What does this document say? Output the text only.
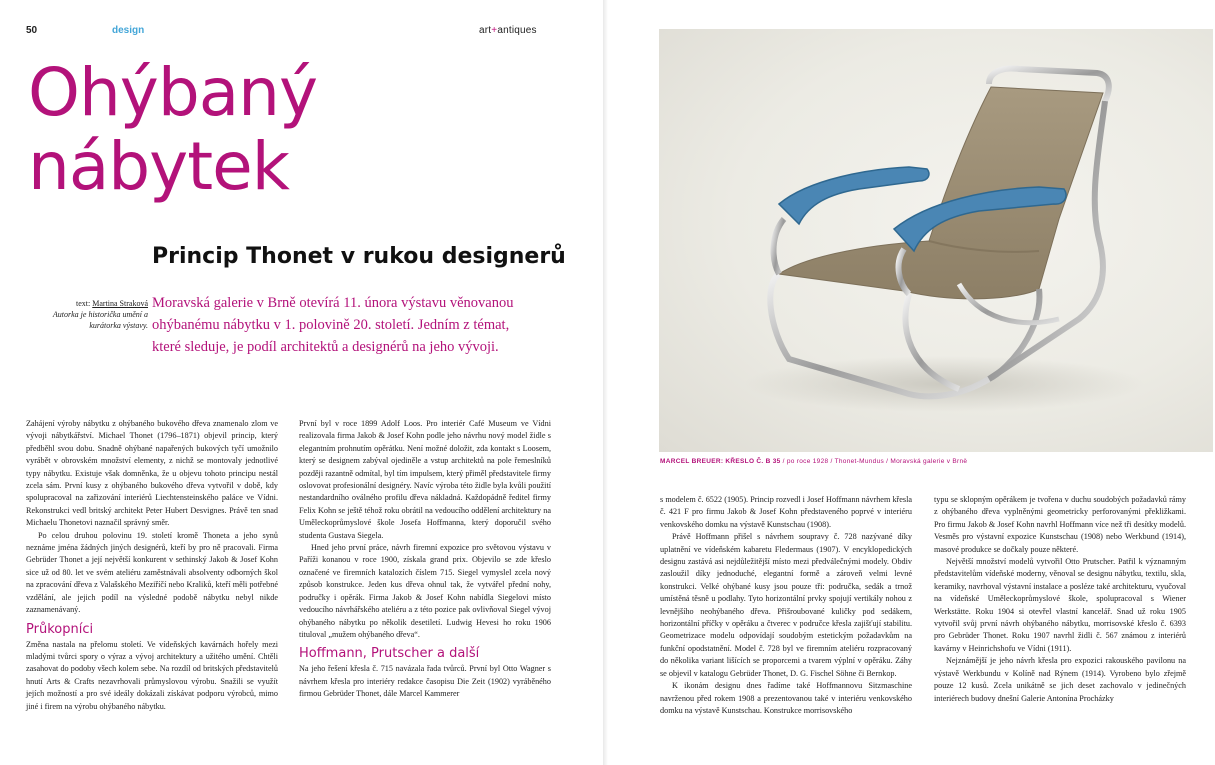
50	design	art+antiques
Ohýbaný
nábytek
Princip Thonet v rukou designerů
text: Martina Straková
Autorka je historička umění a kurátorka výstavy.
Moravská galerie v Brně otevírá 11. února výstavu věnovanou ohýbanému nábytku v 1. polovině 20. století. Jedním z témat, které sleduje, je podíl architektů a designérů na jeho vývoji.

Zahájení výroby nábytku z ohýbaného bukového dřeva znamenalo zlom ve vývoji nábytkářství. Michael Thonet (1796–1871) objevil princip, který předběhl svou dobu. Snadně ohýbané napařených bukových tyčí umožnilo vyrábět v obrovském množství elementy, z nichž se montovaly jednotlivé typy nábytku. Existuje však domněnka, že u objevu tohoto principu nestál zcela sám. První kusy z ohýbaného bukového dřeva vytvořil v době, kdy spolupracoval na zařizování interiérů Liechtensteinského paláce ve Vídni. Rekonstrukci vedl britský architekt Peter Hubert Desvignes. Právě ten snad Michaelu Thonetovi naznačil správný směr.

Po celou druhou polovinu 19. století kromě Thoneta a jeho synů neznáme jména žádných jiných designérů, kteří by pro ně pracovali. Firma Gebrüder Thonet a její největší konkurent v sethinský Jakob & Josef Kohn sice už od 80. let ve svém ateliéru zaměstnávali absolventy odborných škol na zpracování dřeva z Valašského Meziříčí nebo Kraliků, kteří měli potřebné vzdělání, ale jejich podíl na výsledné podobě nábytku nebyl nikde zaznamenávaný.

Průkopníci

Změna nastala na přelomu století. Ve vídeňských kavárnách hořely mezi mladými tvůrci spory o výraz a vývoj architektury a užitého umění. Chtěli zasahovat do podoby všech kolem sebe. Na rozdíl od britských představitelů hnutí Arts & Crafts nezavrhovali průmyslovou výrobu. Snažili se využít jejích možností a pro své ideály dokázali získávat podporu výrobců, mimo jiné i firem na výrobu ohýbaného nábytku.

První byl v roce 1899 Adolf Loos. Pro interiér Café Museum ve Vídni realizovala firma Jakob & Josef Kohn podle jeho návrhu nový model židle s elegantním prohnutím opěrátku. Není možné doložit, zda kontakt s Loosem, který se designem zabýval ojediněle a vstup architektů na pole řemeslníků později razantně odmítal, byl tím impulsem, který přiměl představitele firmy oslovovat profesionální designéry. Navíc výroba této židle byla kvůli použití nestandardního oválného profilu dřeva nákladná. Každopádně ředitel firmy Felix Kohn se ještě téhož roku obrátil na vedoucího oddělení architektury na Uměleckoprůmyslové škole Josefa Hoffmanna, který doporučil svého studenta Gustava Siegela.

Hned jeho první práce, návrh firemní expozice pro světovou výstavu v Paříži konanou v roce 1900, získala grand prix. Objevilo se zde křeslo označené ve firemních katalozích číslem 715. Siegel vymyslel zcela nový způsob konstrukce. Jeden kus dřeva ohnul tak, že vytvářel přední nohy, područky i opěrák. Firma Jakob & Josef Kohn nabídla Siegelovi místo vedoucího návrhářského ateliéru a z této pozice pak ovlivňoval Siegel vývoj ohýbaného nábytku po několik desetiletí. Ludwig Hevesi ho roku 1906 tituloval „mužem ohýbaného dřeva“.

Hoffmann, Prutscher a další

Na jeho řešení křesla č. 715 navázala řada tvůrců. První byl Otto Wagner s návrhem křesla pro interiéry redakce časopisu Die Zeit (1902) vyráběného firmou Gebrüder Thonet, dále Marcel Kammerer

MARCEL BREUER: KŘESLO Č. B 35 / po roce 1928 / Thonet-Mundus / Moravská galerie v Brně

s modelem č. 6522 (1905). Princip rozvedl i Josef Hoffmann návrhem křesla č. 421 F pro firmu Jakob & Josef Kohn představeného poprvé v interiéru venkovského domku na výstavě Kunstschau (1908).

Právě Hoffmann přišel s návrhem soupravy č. 728 nazývané díky uplatnění ve vídeňském kabaretu Fledermaus (1907). V encyklopedických designu zastává asi nejdůležitější místo mezi předválečnými modely. Obdiv zasloužil díky jednoduché, elegantní formě a zároveň velmi levné konstrukci. Velké ohýbané kusy jsou pouze tři: područka, sedák a trnož umístěná těsně u podlahy. Tyto horizontální prvky spojují vertikály nohou z levnějšího neohýbaného dřeva. Přišroubované kuličky pod sedákem, horizontální příčky v opěráku a čtverec v područce křesla zajišťují stabilitu. Geometrizace modelu odpovídají soudobým estetickým požadavkům na funkční opodstatnění. Model č. 728 byl ve firemním ateliéru rozpracovaný do několika variant lišících se proporcemi a tvarem výplní v opěráku. Záhy se objevil v katalogu Gebrüder Thonet, D. G. Fischel Söhne či Bernkop.

K ikonám designu dnes řadíme také Hoffmannovu Sitzmaschine navrženou před rokem 1908 a prezentovanou také v interiéru venkovského domku na výstavě Kunstschau. Konstrukce morrisovského

typu se sklopným opěrákem je tvořena v duchu soudobých požadavků rámy z ohýbaného dřeva vyplněnými geometricky perforovanými překližkami. Pro firmu Jakob & Josef Kohn navrhl Hoffmann více než tři desítky modelů. Vesměs pro výstavní expozice Kunstschau (1908) nebo Werkbund (1914), masové produkce se dočkaly pouze některé.

Největší množství modelů vytvořil Otto Prutscher. Patřil k významným představitelům vídeňské moderny, věnoval se designu nábytku, textilu, skla, keramiky, navrhoval výstavní instalace a posléze také architekturu, vyučoval na vídeňské Uměleckoprůmyslové škole, spolupracoval s Wiener Werkstätte. Roku 1904 si otevřel vlastní kancelář. Snad už roku 1905 vytvořil svůj první návrh ohýbaného nábytku, morrisovské křeslo č. 6393 pro Gebrüder Thonet. Roku 1907 navrhl židli č. 567 známou z interiérů kavárny v Heinrichshofu ve Vídni (1911).

Nejznámější je jeho návrh křesla pro expozici rakouského pavilonu na výstavě Werkbundu v Kolíně nad Rýnem (1914). Vyrobeno bylo zřejmě pouze 12 kusů. Zcela unikátně se jich deset zachovalo v jedinečných interiérech budovy dnešní Galerie Antonína Procházky
